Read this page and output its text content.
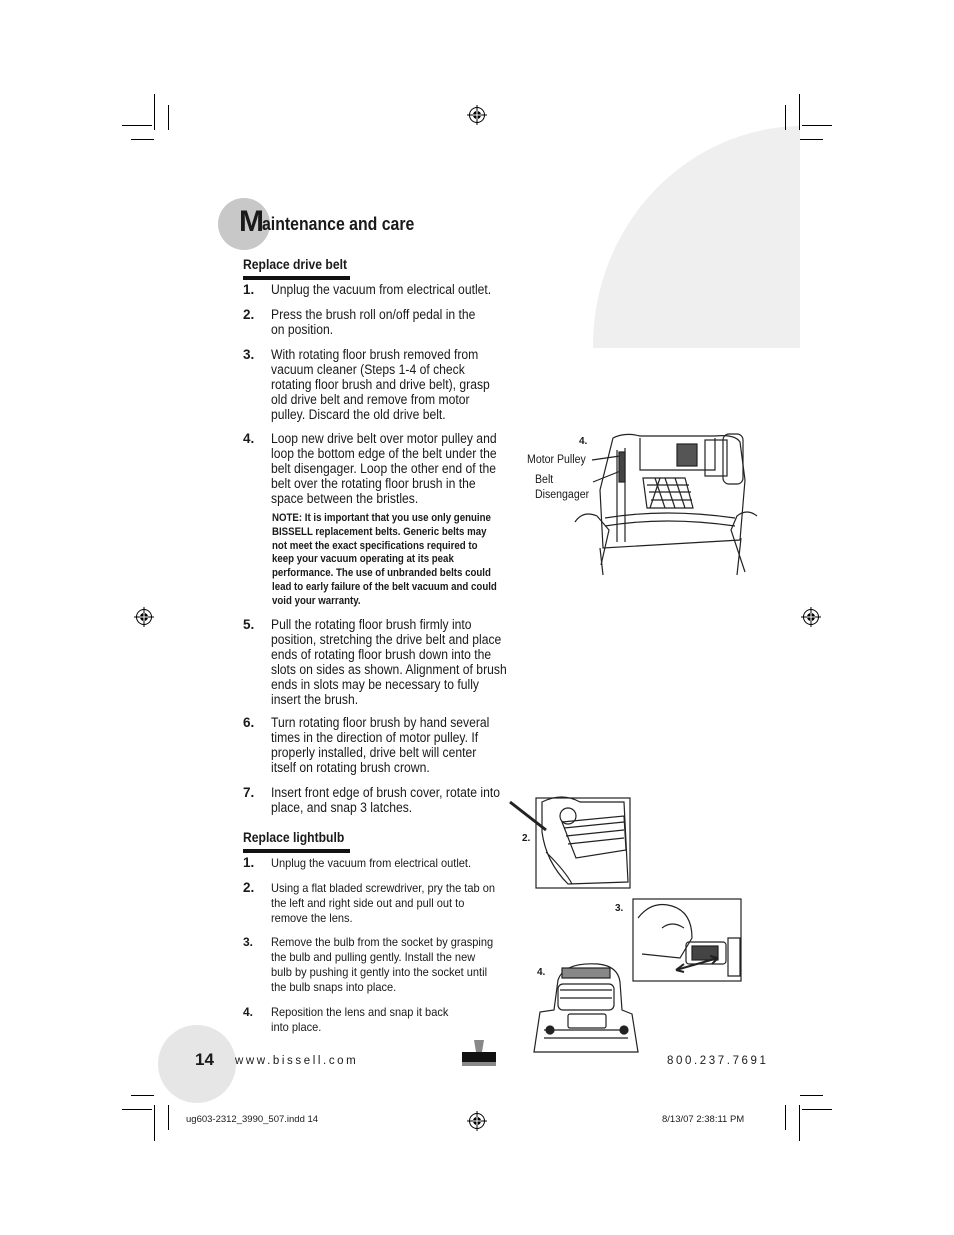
M
aintenance and care
Replace drive belt
1. Unplug the vacuum from electrical outlet.
2. Press the brush roll on/off pedal in the on position.
3. With rotating floor brush removed from vacuum cleaner (Steps 1-4 of check rotating floor brush and drive belt), grasp old drive belt and remove from motor pulley. Discard the old drive belt.
4. Loop new drive belt over motor pulley and loop the bottom edge of the belt under the belt disengager. Loop the other end of the belt over the rotating floor brush in the space between the bristles.
NOTE: It is important that you use only genuine BISSELL replacement belts. Generic belts may not meet the exact specifications required to keep your vacuum operating at its peak performance. The use of unbranded belts could lead to early failure of the belt vacuum and could void your warranty.
5. Pull the rotating floor brush firmly into position, stretching the drive belt and place ends of rotating floor brush down into the slots on sides as shown. Alignment of brush ends in slots may be necessary to fully insert the brush.
6. Turn rotating floor brush by hand several times in the direction of motor pulley. If properly installed, drive belt will center itself on rotating brush crown.
7. Insert front edge of brush cover, rotate into place, and snap 3 latches.
Replace lightbulb
1. Unplug the vacuum from electrical outlet.
2. Using a flat bladed screwdriver, pry the tab on the left and right side out and pull out to remove the lens.
3. Remove the bulb from the socket by grasping the bulb and pulling gently. Install the new bulb by pushing it gently into the socket until the bulb snaps into place.
4. Reposition the lens and snap it back into place.
4.
Motor Pulley
Belt
Disengager
2.
3.
4.
14 www.bissell.com	800.237.7691
ug603-2312_3990_507.indd 14	8/13/07 2:38:11 PM
